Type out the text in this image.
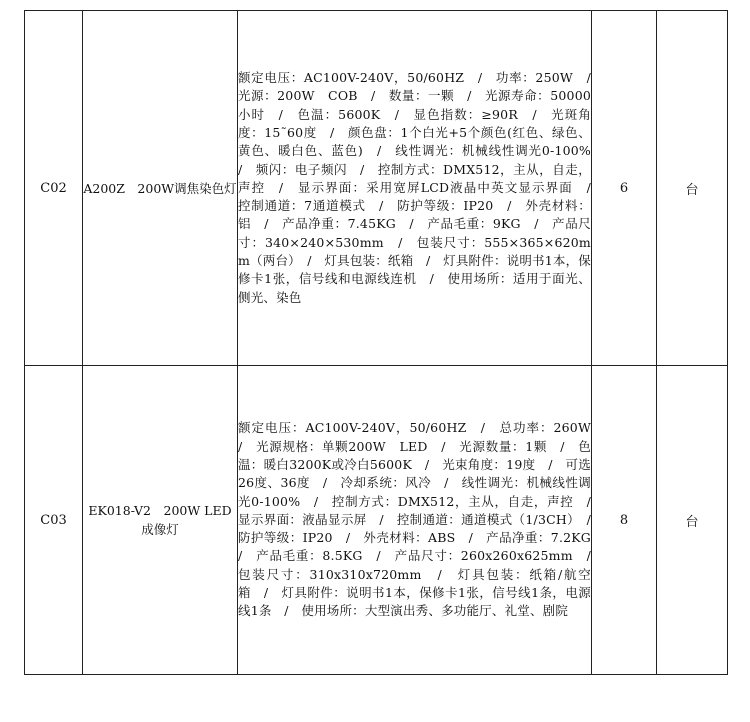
C02	A200Z　200W调焦染色灯	额定电压：AC100V-240V，50/60HZ　/　功率：250W　/　光源：200W　COB　/　数量：一颗　/　光源寿命：50000小时　/　色温：5600K　/　显色指数：≥90R　/　光斑角度：15˜60度　/　颜色盘：1个白光+5个颜色(红色、绿色、黄色、暖白色、蓝色)　/　线性调光：机械线性调光0-100%　/　频闪：电子频闪　/　控制方式：DMX512，主从，自走，声控　/　显示界面：采用宽屏LCD液晶中英文显示界面　/　控制通道：7通道模式　/　防护等级：IP20　/　外壳材料：铝　/　产品净重：7.45KG　/　产品毛重：9KG　/　产品尺寸：340×240×530mm　/　包装尺寸：555×365×620mm（两台）　/　灯具包装：纸箱　/　灯具附件：说明书1本，保修卡1张，信号线和电源线连机　/　使用场所：适用于面光、侧光、染色	6	台
C03	EK018-V2　200W LED成像灯	额定电压：AC100V-240V，50/60HZ　/　总功率：260W　/　光源规格：单颗200W　LED　/　光源数量：1颗　/　色温：暖白3200K或冷白5600K　/　光束角度：19度　/　可选26度、36度　/　冷却系统：风冷　/　线性调光：机械线性调光0-100%　/　控制方式：DMX512，主从，自走，声控　/　显示界面：液晶显示屏　/　控制通道：通道模式（1/3CH）　/　防护等级：IP20　/　外壳材料：ABS　/　产品净重：7.2KG　/　产品毛重：8.5KG　/　产品尺寸：260x260x625mm　/　包装尺寸：310x310x720mm　/　灯具包装：纸箱/航空箱　/　灯具附件：说明书1本，保修卡1张，信号线1条，电源线1条　/　使用场所：大型演出秀、多功能厅、礼堂、剧院	8	台
